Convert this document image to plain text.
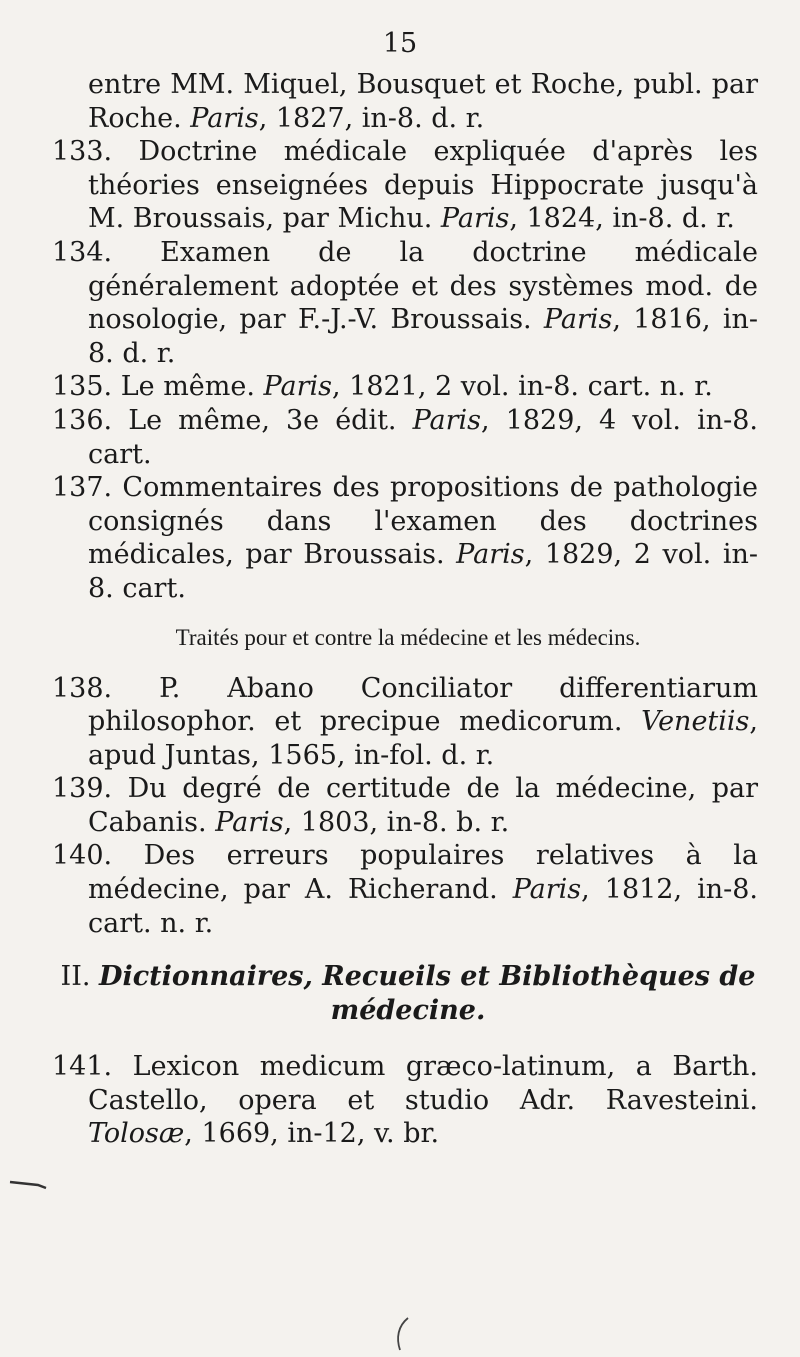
15

entre MM. Miquel, Bousquet et Roche, publ. par Roche. Paris, 1827, in-8. d. r.

133. Doctrine médicale expliquée d'après les théories enseignées depuis Hippocrate jusqu'à M. Broussais, par Michu. Paris, 1824, in-8. d. r.

134. Examen de la doctrine médicale généralement adoptée et des systèmes mod. de nosologie, par F.-J.-V. Broussais. Paris, 1816, in-8. d. r.

135. Le même. Paris, 1821, 2 vol. in-8. cart. n. r.

136. Le même, 3e édit. Paris, 1829, 4 vol. in-8. cart.

137. Commentaires des propositions de pathologie consignés dans l'examen des doctrines médicales, par Broussais. Paris, 1829, 2 vol. in-8. cart.

Traités pour et contre la médecine et les médecins.

138. P. Abano Conciliator differentiarum philosophor. et precipue medicorum. Venetiis, apud Juntas, 1565, in-fol. d. r.

139. Du degré de certitude de la médecine, par Cabanis. Paris, 1803, in-8. b. r.

140. Des erreurs populaires relatives à la médecine, par A. Richerand. Paris, 1812, in-8. cart. n. r.

II. Dictionnaires, Recueils et Bibliothèques de médecine.

141. Lexicon medicum græco-latinum, a Barth. Castello, opera et studio Adr. Ravesteini. Tolosæ, 1669, in-12, v. br.
